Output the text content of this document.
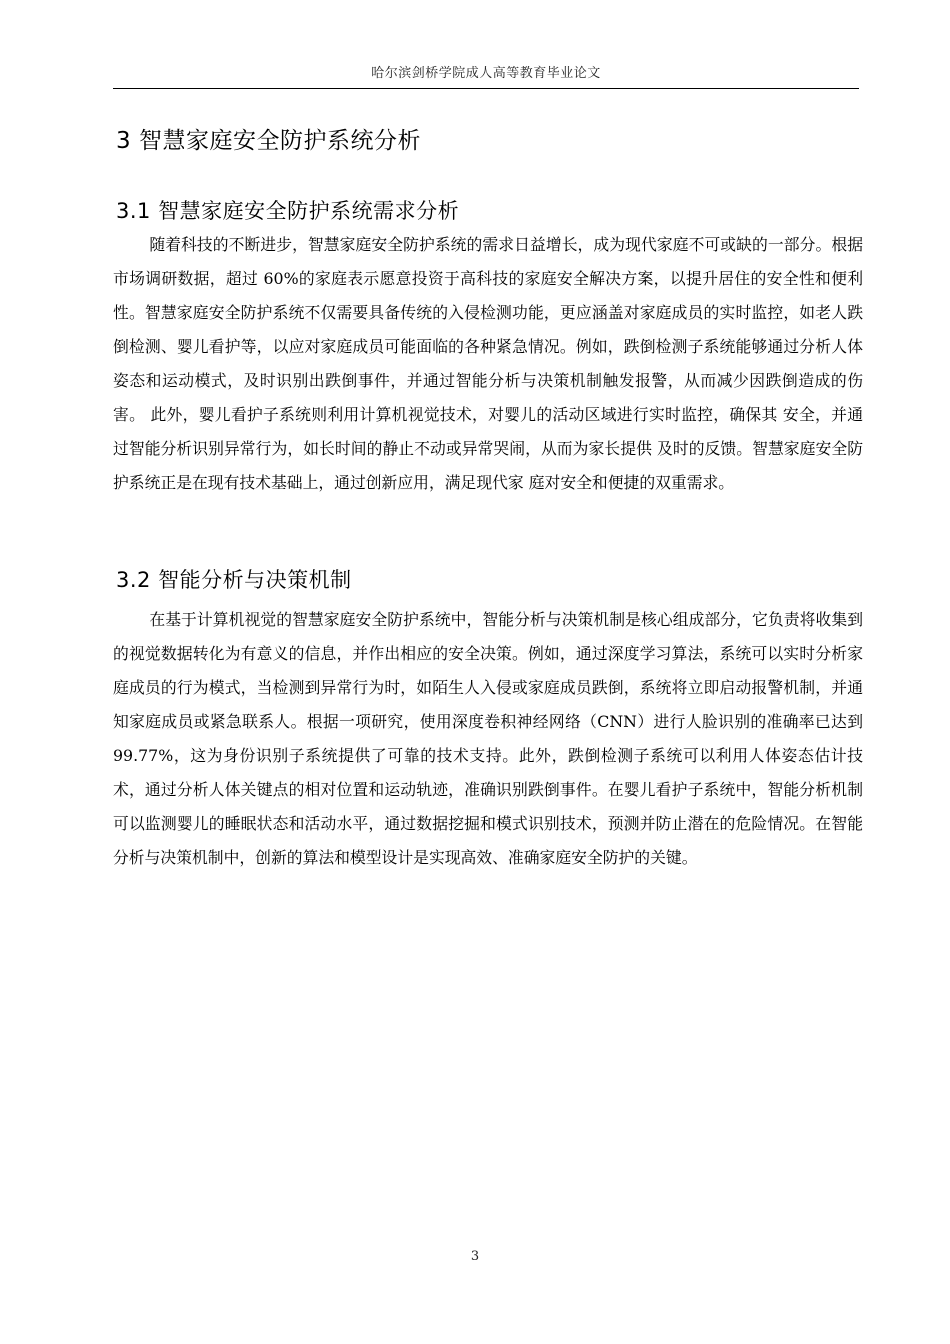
哈尔滨剑桥学院成人高等教育毕业论文
3 智慧家庭安全防护系统分析
3.1 智慧家庭安全防护系统需求分析

随着科技的不断进步，智慧家庭安全防护系统的需求日益增长，成为现代家庭不可或缺的一部分。根据市场调研数据，超过 60%的家庭表示愿意投资于高科技的家庭安全解决方案，以提升居住的安全性和便利性。智慧家庭安全防护系统不仅需要具备传统的入侵检测功能，更应涵盖对家庭成员的实时监控，如老人跌倒检测、婴儿看护等，以应对家庭成员可能面临的各种紧急情况。例如，跌倒检测子系统能够通过分析人体姿态和运动模式，及时识别出跌倒事件，并通过智能分析与决策机制触发报警，从而减少因跌倒造成的伤害。 此外，婴儿看护子系统则利用计算机视觉技术，对婴儿的活动区域进行实时监控，确保其 安全，并通过智能分析识别异常行为，如长时间的静止不动或异常哭闹，从而为家长提供 及时的反馈。智慧家庭安全防护系统正是在现有技术基础上，通过创新应用，满足现代家 庭对安全和便捷的双重需求。

3.2 智能分析与决策机制

在基于计算机视觉的智慧家庭安全防护系统中，智能分析与决策机制是核心组成部分，它负责将收集到的视觉数据转化为有意义的信息，并作出相应的安全决策。例如，通过深度学习算法，系统可以实时分析家庭成员的行为模式，当检测到异常行为时，如陌生人入侵或家庭成员跌倒，系统将立即启动报警机制，并通知家庭成员或紧急联系人。根据一项研究，使用深度卷积神经网络（CNN）进行人脸识别的准确率已达到 99.77%，这为身份识别子系统提供了可靠的技术支持。此外，跌倒检测子系统可以利用人体姿态估计技术，通过分析人体关键点的相对位置和运动轨迹，准确识别跌倒事件。在婴儿看护子系统中，智能分析机制可以监测婴儿的睡眠状态和活动水平，通过数据挖掘和模式识别技术，预测并防止潜在的危险情况。在智能分析与决策机制中，创新的算法和模型设计是实现高效、准确家庭安全防护的关键。

3
